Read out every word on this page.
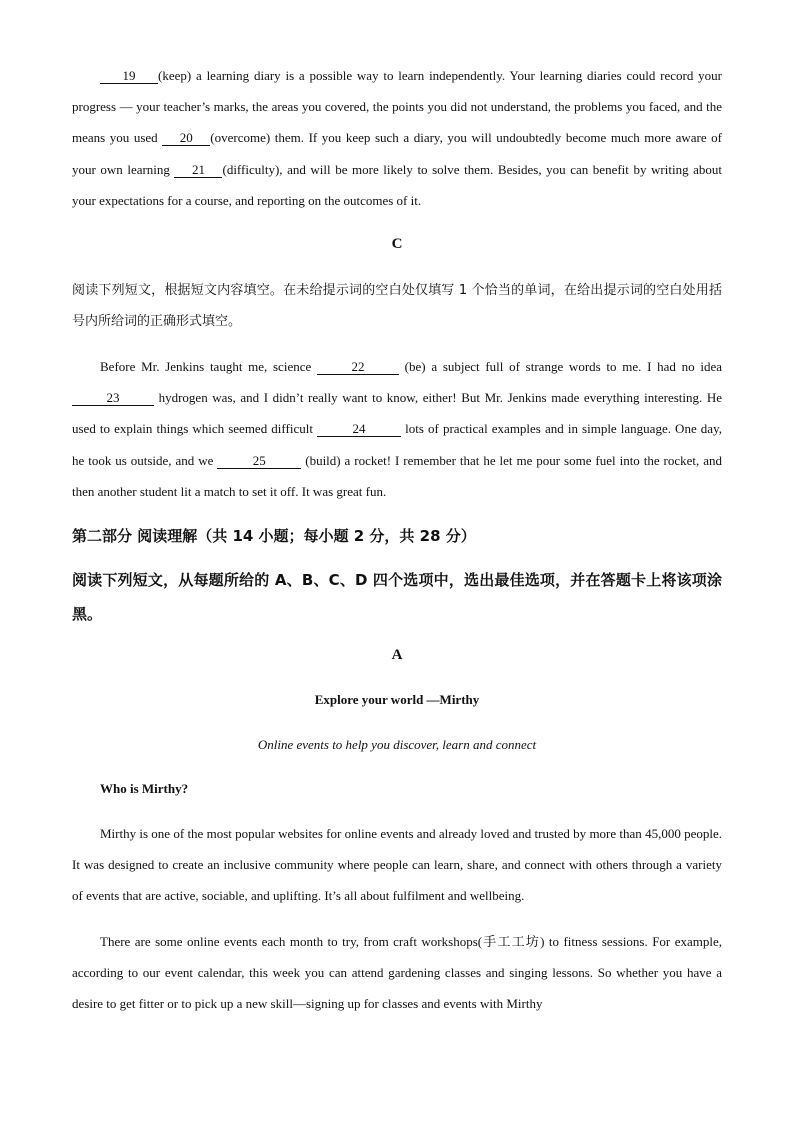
19 (keep) a learning diary is a possible way to learn independently. Your learning diaries could record your progress — your teacher’s marks, the areas you covered, the points you did not understand, the problems you faced, and the means you used 20 (overcome) them. If you keep such a diary, you will undoubtedly become much more aware of your own learning 21 (difficulty), and will be more likely to solve them. Besides, you can benefit by writing about your expectations for a course, and reporting on the outcomes of it.

C

阅读下列短文，根据短文内容填空。在未给提示词的空白处仅填写 1 个恰当的单词，在给出提示词的空白处用括号内所给词的正确形式填空。

Before Mr. Jenkins taught me, science	22	(be) a subject full of strange words to me. I had no idea 23	hydrogen was, and I didn’t really want to know, either! But Mr. Jenkins made everything interesting. He used to explain things which seemed difficult	24	lots of practical examples and in simple language. One day, he took us outside, and we	25	(build) a rocket! I remember that he let me pour some fuel into the rocket, and then another student lit a match to set it off. It was great fun.

第二部分 阅读理解（共 14 小题；每小题 2 分，共 28 分）

阅读下列短文，从每题所给的 A、B、C、D 四个选项中，选出最佳选项，并在答题卡上将该项涂黑。

A

Explore your world —Mirthy

Online events to help you discover, learn and connect

Who is Mirthy?

Mirthy is one of the most popular websites for online events and already loved and trusted by more than 45,000 people. It was designed to create an inclusive community where people can learn, share, and connect with others through a variety of events that are active, sociable, and uplifting. It’s all about fulfilment and wellbeing.

There are some online events each month to try, from craft workshops(手工工坊) to fitness sessions. For example, according to our event calendar, this week you can attend gardening classes and singing lessons. So whether you have a desire to get fitter or to pick up a new skill—signing up for classes and events with Mirthy
